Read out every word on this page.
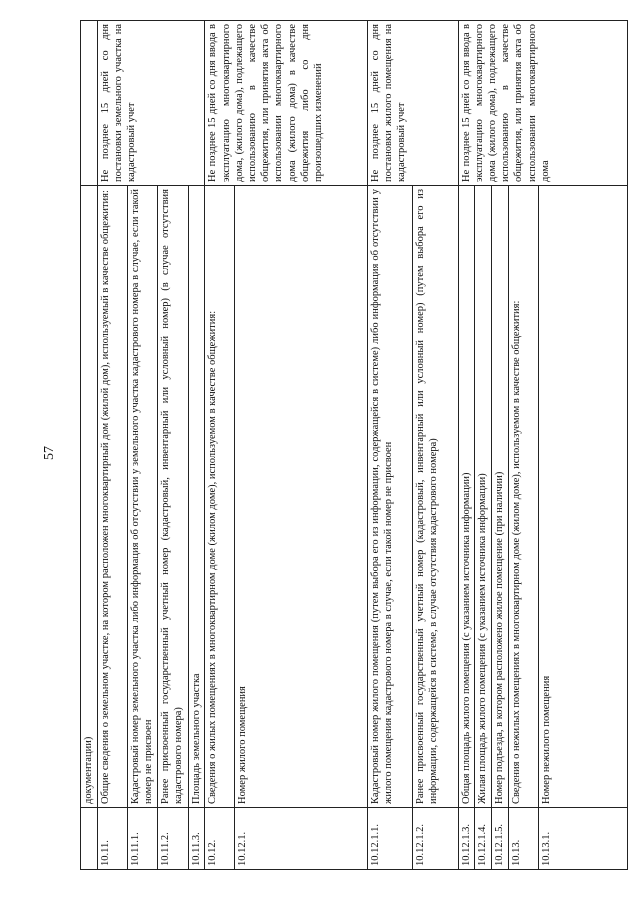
57
	документации)	
10.11.	Общие сведения о земельном участке, на котором расположен многоквартирный дом (жилой дом), используемый в качестве общежития:	Не позднее 15 дней со дня постановки земельного участка на кадастровый учет
10.11.1.	Кадастровый номер земельного участка либо информация об отсутствии у земельного участка кадастрового номера в случае, если такой номер не присвоен	
10.11.2.	Ранее присвоенный государственный учетный номер (кадастровый, инвентарный или условный номер) (в случае отсутствия кадастрового номера)	
10.11.3.	Площадь земельного участка	
10.12.	Сведения о жилых помещениях в многоквартирном доме (жилом доме), используемом в качестве общежития:	Не позднее 15 дней со дня ввода в эксплуатацию многоквартирного дома, (жилого дома), подлежащего использованию в качестве общежития, или принятия акта об использовании многоквартирного дома (жилого дома) в качестве общежития либо со дня произошедших изменений
10.12.1.	Номер жилого помещения	
10.12.1.1.	Кадастровый номер жилого помещения (путем выбора его из информации, содержащейся в системе) либо информация об отсутствии у жилого помещения кадастрового номера в случае, если такой номер не присвоен	Не позднее 15 дней со дня постановки жилого помещения на кадастровый учет
10.12.1.2.	Ранее присвоенный государственный учетный номер (кадастровый, инвентарный или условный номер) (путем выбора его из информации, содержащейся в системе, в случае отсутствия кадастрового номера)	
10.12.1.3.	Общая площадь жилого помещения (с указанием источника информации)	Не позднее 15 дней со дня ввода в эксплуатацию многоквартирного дома (жилого дома), подлежащего использованию в качестве общежития, или принятия акта об использовании многоквартирного дома
10.12.1.4.	Жилая площадь жилого помещения (с указанием источника информации)	
10.12.1.5.	Номер подъезда, в котором расположено жилое помещение (при наличии)	
10.13.	Сведения о нежилых помещениях в многоквартирном доме (жилом доме), используемом в качестве общежития:	
10.13.1.	Номер нежилого помещения	
